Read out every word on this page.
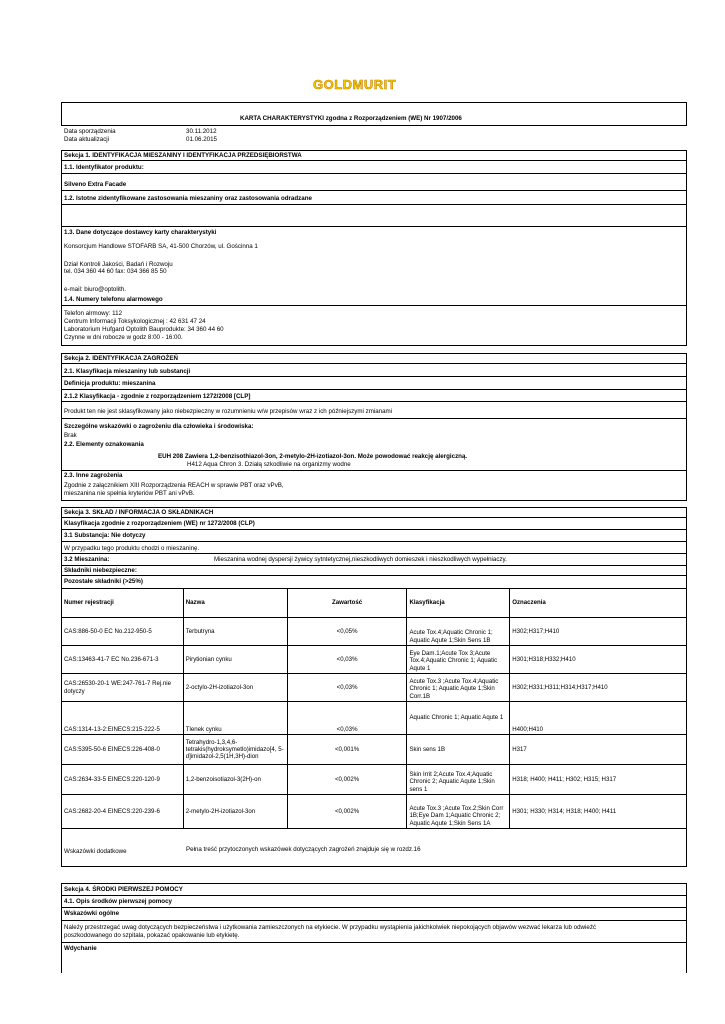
GOLDMURIT
KARTA CHARAKTERYSTYKI zgodna z Rozporządzeniem (WE) Nr 1907/2006
Data sporządzenia	30.11.2012
Data aktualizacji	01.06.2015
Sekcja 1. IDENTYFIKACJA MIESZANINY I IDENTYFIKACJA PRZEDSIĘBIORSTWA
1.1. Identyfikator produktu:
Silveno Extra Facade
1.2. Istotne zidentyfikowane zastosowania mieszaniny oraz zastosowania odradzane
1.3. Dane dotyczące dostawcy karty charakterystyki
Konsorcjum Handlowe STOFARB SA, 41-500 Chorzów, ul. Gościnna 1
Dział Kontroli Jakości, Badań i Rozwoju
tel. 034 360 44 60 fax: 034 366 85 50
e-mail: biuro@optolith.
1.4. Numery telefonu alarmowego
Telefon alrmowy: 112
Centrum Informacji Toksykologicznej : 42 631 47 24
Laboratorium Hufgard Optolith Bauprodukte: 34 360 44 60
Czynne w dni robocze w godz 8:00 - 16:00.
Sekcja 2. IDENTYFIKACJA ZAGROŻEŃ
2.1. Klasyfikacja mieszaniny lub substancji
Definicja produktu: mieszanina
2.1.2 Klasyfikacja - zgodnie z rozporządzeniem 1272/2008 [CLP]
Produkt ten nie jest sklasyfikowany jako niebezpieczny w rozumnieniu w/w przepisów wraz z ich późniejszymi zmianami
Szczególne wskazówki o zagrożeniu dla człowieka i środowiska:
Brak
2.2. Elementy oznakowania
EUH 208 Zawiera 1,2-benzisothiazol-3on, 2-metylo-2H-izotiazol-3on. Może powodować reakcję alergiczną.
H412 Aqua Chron 3. Działą szkodliwie na organizmy wodne
2.3. Inne zagrożenia
Zgodnie z załącznikiem XIII Rozporządzenia REACH w sprawie PBT oraz vPvB,
mieszanina nie spełnia kryteriów PBT ani vPvB.
Sekcja 3. SKŁAD / INFORMACJA O SKŁADNIKACH
Klasyfikacja zgodnie z rozporządzeniem (WE) nr 1272/2008 (CLP)
3.1 Substancja: Nie dotyczy
W przypadku tego produktu chodzi o mieszaninę.
3.2 Mieszanina:	Mieszanina wodnej dyspersji żywicy sytntetycznej,nieszkodliwych domieszek i nieszkodliwych wypełniaczy.
Składniki niebezpieczne:
Pozostałe składniki (>25%)
Numer rejestracji	Nazwa	Zawartość	Klasyfikacja	Oznaczenia
CAS:886-50-0 EC No.212-950-5	Terbutryna	<0,05%	Acute Tox.4;Aquatic Chronic 1; Aquatic Aqute 1;Skin Sens 1B	H302;H317;H410
CAS:13463-41-7 EC No.236-671-3	Pirytionian cynku	<0,03%	Eye Dam.1;Acute Tox 3;Acute Tox.4;Aquatic Chronic 1; Aquatic Aqute 1	H301;H318;H332;H410
CAS:26530-20-1 WE:247-761-7 Rej.nie dotyczy	2-octylo-2H-izotiazol-3on	<0,03%	Acute Tox.3 ;Acute Tox.4;Aquatic Chronic 1; Aquatic Aqute 1;Skin Corr.1B	H302;H331;H311;H314;H317;H410
CAS:1314-13-2:EINECS:215-222-5	Tlenek cynku	<0,03%	Aquatic Chronic 1; Aquatic Aqute 1	H400;H410
CAS:5395-50-6 EINECS:226-408-0	Tetrahydro-1,3,4,6-tetrakis(hydroksymetlo)imidazo[4, 5-d]imidazol-2,5(1H,3H)-dion	<0,001%	Skin sens 1B	H317
CAS:2634-33-5 EINECS:220-120-9	1,2-benzoisotiazol-3(2H)-on	<0,002%	Skin Irrit 2;Acute Tox.4;Aquatic Chronic 2; Aquatic Aqute 1;Skin sens 1	H318; H400; H411; H302; H315; H317
CAS:2682-20-4 EINECS:220-239-6	2-metylo-2H-izotiazol-3on	<0,002%	Acute Tox.3 ;Acute Tox.2;Skin Corr 1B;Eye Dam 1;Aquatic Chronic 2; Aquatic Aqute 1;Skin Sens 1A	H301; H330; H314; H318; H400; H411
Wskazówki dodatkowe	Pełna treść przytoczonych wskazówek dotyczących zagrożeń znajduje się w rozdz.16
Sekcja 4. ŚRODKI PIERWSZEJ POMOCY
4.1. Opis środków pierwszej pomocy
Wskazówki ogólne
Należy przestrzegać uwag dotyczących bezpieczeństwa i użytkowania zamieszczonych na etykiecie. W przypadku wystąpienia jakichkolwiek niepokojących objawów wezwać lekarza lub odwieźć
poszkodowanego do szpitala, pokazać opakowanie lub etykietę.
Wdychanie
